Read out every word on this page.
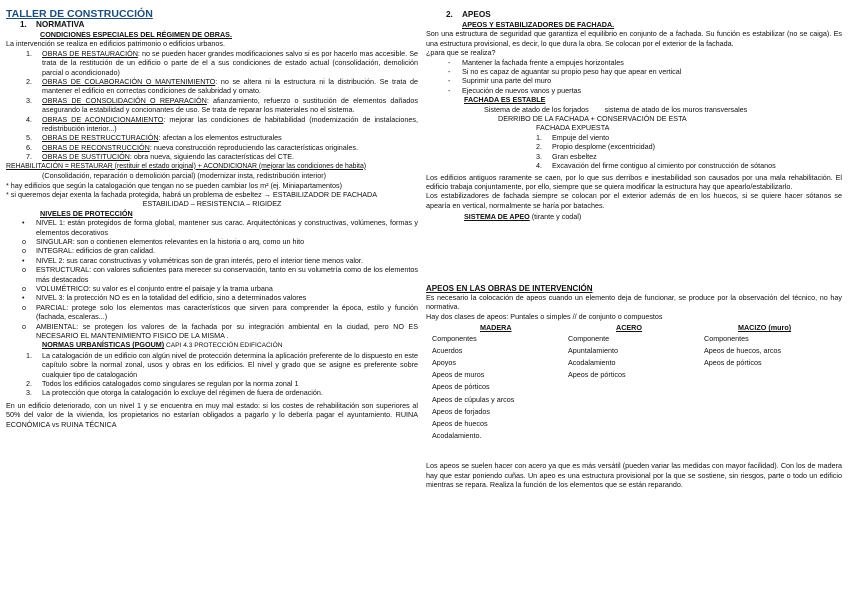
TALLER DE CONSTRUCCIÓN
1. NORMATIVA
CONDICIONES ESPECIALES DEL RÉGIMEN DE OBRAS.

La intervención se realiza en edificios patrimonio o edificios urbanos.

1. OBRAS DE RESTAURACIÓN: no se pueden hacer grandes modificaciones salvo si es por hacerlo mas accesible. Se trata de la restitución de un edificio o parte de el a sus condiciones de estado actual (consolidación, demolición parcial o acondicionado)
2. OBRAS DE COLABORACIÓN O MANTENIMIENTO: no se altera ni la estructura ni la distribución. Se trata de mantener el edificio en correctas condiciones de salubridad y ornato.
3. OBRAS DE CONSOLIDACIÓN O REPARACIÓN: afianzamiento, refuerzo o sustitución de elementos dañados asegurando la estabilidad y concionantes de uso. Se trata de reparar los materiales no el sistema.
4. OBRAS DE ACONDICIONAMIENTO: mejorar las condiciones de habitabilidad (modernización de instalaciones, redistribución interior...)
5. OBRAS DE RESTRUCCTURACIÓN: afectan a los elementos estructurales
6. OBRAS DE RECONSTRUCCIÓN: nueva construcción reproduciendo las características originales.
7. OBRAS DE SUSTITUCIÓN: obra nueva, siguiendo las características del CTE.

REHABILITACIÓN = RESTAURAR (restituir el estado original) + ACONDICIONAR (mejorar las condiciones de habita)

(Consolidación, reparación o demolición parcial) (modernizar insta, redistribución interior)

* hay edificios que según la catalogación que tengan no se pueden cambiar los m² (ej. Miniapartamentos)

* si queremos dejar exenta la fachada protegida, habrá un problema de esbeltez → ESTABILIZADOR DE FACHADA

ESTABILIDAD – RESISTENCIA – RIGIDEZ

NIVELES DE PROTECCIÓN
• NIVEL 1: están protegidos de forma global, mantener sus carac. Arquitectónicas y constructivas, volúmenes, formas y elementos decorativos
o SINGULAR: son o contienen elementos relevantes en la historia o arq, como un hito
o INTEGRAL: edificios de gran calidad.
• NIVEL 2: sus carac constructivas y volumétricas son de gran interés, pero el interior tiene menos valor.
o ESTRUCTURAL: con valores suficientes para merecer su conservación, tanto en su volumetría como de los elementos más destacados
o VOLUMÉTRICO: su valor es el conjunto entre el paisaje y la trama urbana
• NIVEL 3: la protección NO es en la totalidad del edificio, sino a determinados valores
o PARCIAL: protege solo los elementos mas característicos que sirven para comprender la época, estilo y función (fachada, escaleras...)
o AMBIENTAL: se protegen los valores de la fachada por su integración ambiental en la ciudad, pero NO ES NECESARIO EL MANTENIMIENTO FISICO DE LA MISMA .

NORMAS URBANÍSTICAS (PGOUM) CAPI 4.3 PROTECCIÓN EDIFICACIÓN

1. La catalogación de un edificio con algún nivel de protección determina la aplicación preferente de lo dispuesto en este capítulo sobre la normal zonal, usos y obras en los edificios. El nivel y grado que se asigne es preferente sobre cualquier tipo de catalogación
2. Todos los edificios catalogados como singulares se regulan por la norma zonal 1
3. La protección que otorga la catalogación lo excluye del régimen de fuera de ordenación.

En un edificio deteriorado, con un nivel 1 y se encuentra en muy mal estado: si los costes de rehabilitación son superiores al 50% del valor de la vivienda, los propietarios no estarían obligados a pagarlo y lo debería pagar el ayuntamiento. RUINA ECONÓMICA vs RUINA TÉCNICA

2. APEOS
APEOS Y ESTABILIZADORES DE FACHADA.

Son una estructura de seguridad que garantiza el equilibrio en conjunto de a fachada. Su función es estabilizar (no se caiga). Es una estructura provisional, es decir, lo que dura la obra. Se colocan por el exterior de la fachada.

¿para que se realiza?

- Mantener la fachada frente a empujes horizontales
- Si no es capaz de aguantar su propio peso hay que apear en vertical
- Suprimir una parte del muro
- Ejecución de nuevos vanos y puertas
FACHADA ES ESTABLE

Sistema de atado de los forjados        sistema de atado de los muros transversales

DERRIBO DE LA FACHADA + CONSERVACIÓN DE ESTA

FACHADA EXPUESTA

1. Empuje del viento
2. Propio desplome (excentricidad)
3. Gran esbeltez
4. Excavación del firme contiguo al cimiento por construcción de sótanos

Los edificios antiguos raramente se caen, por lo que sus derribos e inestabilidad son causados por una mala rehabilitación. El edificio trabaja conjuntamente, por ello, siempre que se quiera modificar la estructura hay que apearlo/estabilizarlo.

Los estabilizadores de fachada siempre se colocan por el exterior además de en los huecos, si se quiere hacer sótanos se apearía en vertical, normalmente se haría por bataches.

SISTEMA DE APEO (tirante y codal)

APEOS EN LAS OBRAS DE INTERVENCIÓN

Es necesario la colocación de apeos cuando un elemento deja de funcionar, se produce por la observación del técnico, no hay normativa.

Hay dos clases de apeos: Puntales o simples // de conjunto o compuestos

MADERA
Componentes
Acuerdos
Apoyos
Apeos de muros
Apeos de pórticos
Apeos de cúpulas y arcos
Apeos de forjados
Apeos de huecos
Acodalamiento.
ACERO
Componente
Apuntalamiento
Acodalamiento
Apeos de pórticos
MACIZO (muro)
Componentes
Apeos de huecos, arcos
Apeos de pórticos

Los apeos se suelen hacer con acero ya que es más versátil (pueden variar las medidas con mayor facilidad). Con los de madera hay que estar poniendo cuñas. Un apeo es una estructura provisional por la que se sostiene, sin riesgos, parte o todo un edificio mientras se repara. Realiza la función de los elementos que se están reparando.
